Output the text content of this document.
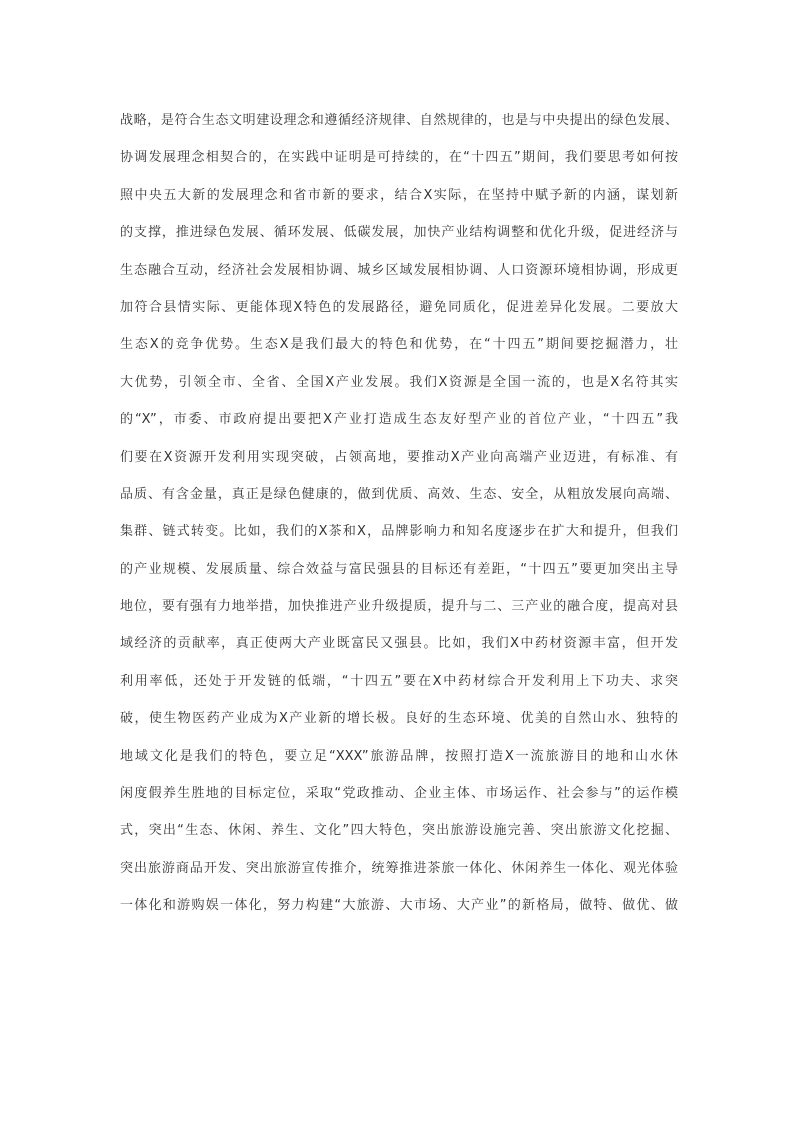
战略，是符合生态文明建设理念和遵循经济规律、自然规律的，也是与中央提出的绿色发展、
协调发展理念相契合的，在实践中证明是可持续的，在“十四五”期间，我们要思考如何按
照中央五大新的发展理念和省市新的要求，结合X实际，在坚持中赋予新的内涵，谋划新
的支撑，推进绿色发展、循环发展、低碳发展，加快产业结构调整和优化升级，促进经济与
生态融合互动，经济社会发展相协调、城乡区域发展相协调、人口资源环境相协调，形成更
加符合县情实际、更能体现X特色的发展路径，避免同质化，促进差异化发展。二要放大
生态X的竞争优势。生态X是我们最大的特色和优势，在“十四五”期间要挖掘潜力，壮
大优势，引领全市、全省、全国X产业发展。我们X资源是全国一流的，也是X名符其实
的“X”，市委、市政府提出要把X产业打造成生态友好型产业的首位产业，“十四五”我
们要在X资源开发利用实现突破，占领高地，要推动X产业向高端产业迈进，有标准、有
品质、有含金量，真正是绿色健康的，做到优质、高效、生态、安全，从粗放发展向高端、
集群、链式转变。比如，我们的X茶和X，品牌影响力和知名度逐步在扩大和提升，但我们
的产业规模、发展质量、综合效益与富民强县的目标还有差距，“十四五”要更加突出主导
地位，要有强有力地举措，加快推进产业升级提质，提升与二、三产业的融合度，提高对县
域经济的贡献率，真正使两大产业既富民又强县。比如，我们X中药材资源丰富，但开发
利用率低，还处于开发链的低端，“十四五”要在X中药材综合开发利用上下功夫、求突
破，使生物医药产业成为X产业新的增长极。良好的生态环境、优美的自然山水、独特的
地域文化是我们的特色，要立足“XXX”旅游品牌，按照打造X一流旅游目的地和山水休
闲度假养生胜地的目标定位，采取“党政推动、企业主体、市场运作、社会参与”的运作模
式，突出“生态、休闲、养生、文化”四大特色，突出旅游设施完善、突出旅游文化挖掘、
突出旅游商品开发、突出旅游宣传推介，统筹推进茶旅一体化、休闲养生一体化、观光体验
一体化和游购娱一体化，努力构建“大旅游、大市场、大产业”的新格局，做特、做优、做
